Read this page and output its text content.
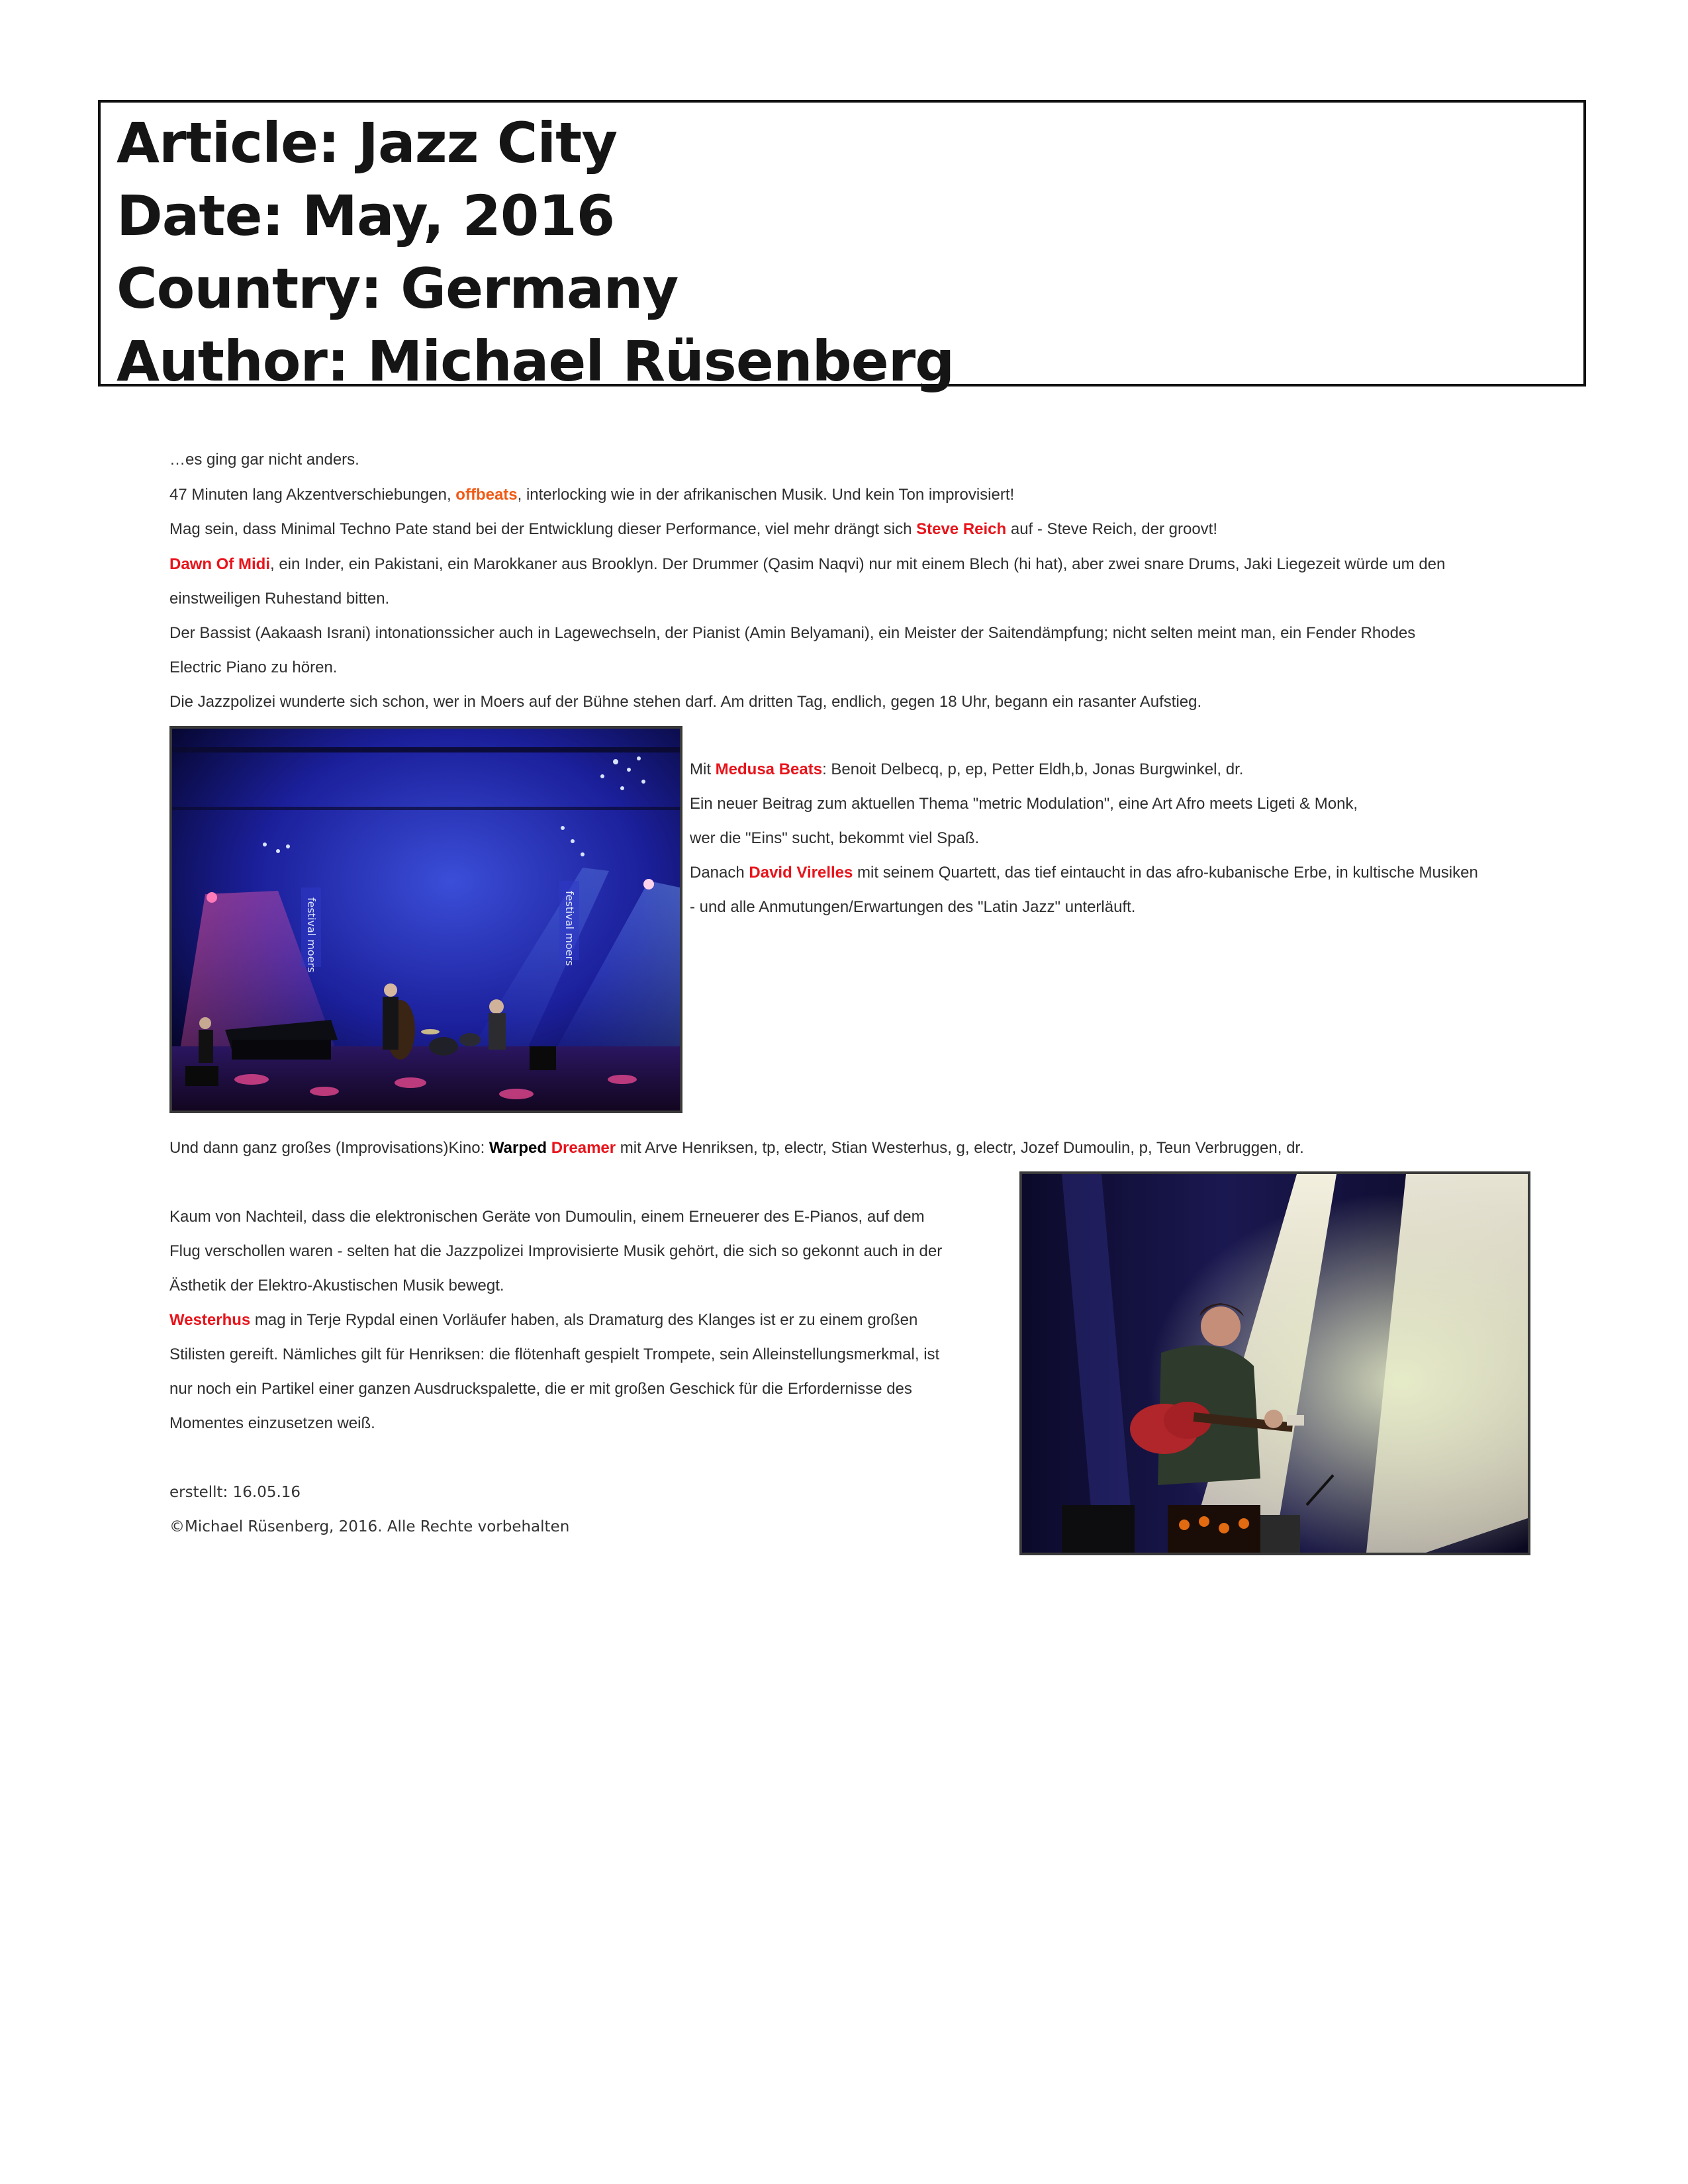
Article: Jazz City
Date: May, 2016
Country: Germany
Author: Michael Rüsenberg
…es ging gar nicht anders.
47 Minuten lang Akzentverschiebungen, offbeats, interlocking wie in der afrikanischen Musik. Und kein Ton improvisiert!
Mag sein, dass Minimal Techno Pate stand bei der Entwicklung dieser Performance, viel mehr drängt sich Steve Reich auf - Steve Reich, der groovt!
Dawn Of Midi, ein Inder, ein Pakistani, ein Marokkaner aus Brooklyn. Der Drummer (Qasim Naqvi) nur mit einem Blech (hi hat), aber zwei snare Drums, Jaki Liegezeit würde um den
einstweiligen Ruhestand bitten.
Der Bassist (Aakaash Israni) intonationssicher auch in Lagewechseln, der Pianist (Amin Belyamani), ein Meister der Saitendämpfung; nicht selten meint man, ein Fender Rhodes
Electric Piano zu hören.
Die Jazzpolizei wunderte sich schon, wer in Moers auf der Bühne stehen darf. Am dritten Tag, endlich, gegen 18 Uhr, begann ein rasanter Aufstieg.
Mit Medusa Beats: Benoit Delbecq, p, ep, Petter Eldh,b, Jonas Burgwinkel, dr.
Ein neuer Beitrag zum aktuellen Thema "metric Modulation", eine Art Afro meets Ligeti & Monk,
wer die "Eins" sucht, bekommt viel Spaß.
Danach David Virelles mit seinem Quartett, das tief eintaucht in das afro-kubanische Erbe, in kultische Musiken
- und alle Anmutungen/Erwartungen des "Latin Jazz" unterläuft.
Und dann ganz großes (Improvisations)Kino: Warped Dreamer mit Arve Henriksen, tp, electr, Stian Westerhus, g, electr, Jozef Dumoulin, p, Teun Verbruggen, dr.
Kaum von Nachteil, dass die elektronischen Geräte von Dumoulin, einem Erneuerer des E-Pianos, auf dem
Flug verschollen waren - selten hat die Jazzpolizei Improvisierte Musik gehört, die sich so gekonnt auch in der
Ästhetik der Elektro-Akustischen Musik bewegt.
Westerhus mag in Terje Rypdal einen Vorläufer haben, als Dramaturg des Klanges ist er zu einem großen
Stilisten gereift. Nämliches gilt für Henriksen: die flötenhaft gespielt Trompete, sein Alleinstellungsmerkmal, ist
nur noch ein Partikel einer ganzen Ausdruckspalette, die er mit großen Geschick für die Erfordernisse des
Momentes einzusetzen weiß.
erstellt: 16.05.16
©Michael Rüsenberg, 2016. Alle Rechte vorbehalten
festival moers	festival moers
